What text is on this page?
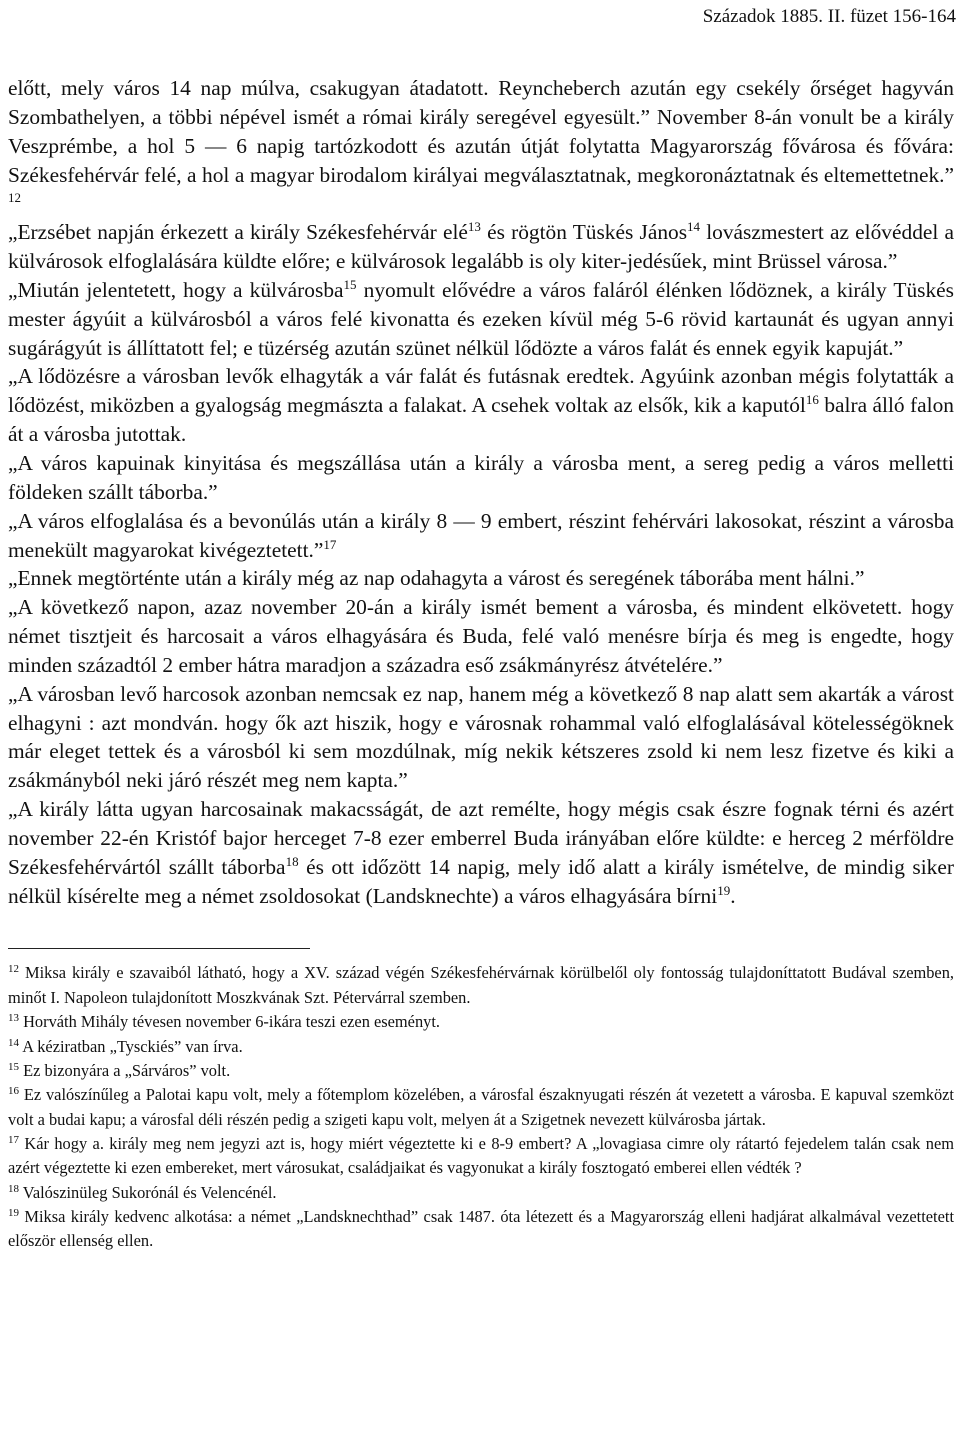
Századok 1885. II. füzet 156-164

előtt, mely város 14 nap múlva, csakugyan átadatott. Reyncheberch azután egy csekély őrséget hagyván Szombathelyen, a többi népével ismét a római király seregével egyesült.” November 8-án vonult be a király Veszprémbe, a hol 5 — 6 napig tartózkodott és azután útját folytatta Magyarország fővárosa és fővára: Székesfehérvár felé, a hol a magyar birodalom királyai megválasztatnak, megkoronáztatnak és eltemettetnek.” $^{12}$

„Erzsébet napján érkezett a király Székesfehérvár elé$^{13}$ és rögtön Tüskés János$^{14}$ lovászmestert az elővéddel a külvárosok elfoglalására küldte előre; e külvárosok legalább is oly kiter-jedésűek, mint Brüssel városa.”

„Miután jelentetett, hogy a külvárosba$^{15}$ nyomult elővédre a város faláról élénken lődöznek, a király Tüskés mester ágyúit a külvárosból a város felé kivonatta és ezeken kívül még 5-6 rövid kartaunát és ugyan annyi sugárágyút is állíttatott fel; e tüzérség azután szünet nélkül lődözte a város falát és ennek egyik kapuját.”

„A lődözésre a városban levők elhagyták a vár falát és futásnak eredtek. Agyúink azonban mégis folytatták a lődözést, miközben a gyalogság megmászta a falakat. A csehek voltak az elsők, kik a kaputól$^{16}$ balra álló falon át a városba jutottak.

„A város kapuinak kinyitása és megszállása után a király a városba ment, a sereg pedig a város melletti földeken szállt táborba.”

„A város elfoglalása és a bevonúlás után a király 8 — 9 embert, részint fehérvári lakosokat, részint a városba menekült magyarokat kivégeztetett.”$^{17}$

„Ennek megtörténte után a király még az nap odahagyta a várost és seregének táborába ment hálni.”

„A következő napon, azaz november 20-án a király ismét bement a városba, és mindent elkövetett. hogy német tisztjeit és harcosait a város elhagyására és Buda, felé való menésre bírja és meg is engedte, hogy minden századtól 2 ember hátra maradjon a századra eső zsákmányrész átvételére.”

„A városban levő harcosok azonban nemcsak ez nap, hanem még a következő 8 nap alatt sem akarták a várost elhagyni : azt mondván. hogy ők azt hiszik, hogy e városnak rohammal való elfoglalásával kötelességöknek már eleget tettek és a városból ki sem mozdúlnak, míg nekik kétszeres zsold ki nem lesz fizetve és kiki a zsákmányból neki járó részét meg nem kapta.”

„A király látta ugyan harcosainak makacsságát, de azt remélte, hogy mégis csak észre fognak térni és azért november 22-én Kristóf bajor herceget 7-8 ezer emberrel Buda irányában előre küldte: e herceg 2 mérföldre Székesfehérvártól szállt táborba$^{18}$ és ott időzött 14 napig, mely idő alatt a király ismételve, de mindig siker nélkül kísérelte meg a német zsoldosokat (Landsknechte) a város elhagyására bírni$^{19}$.

$^{12}$ Miksa király e szavaiból látható, hogy a XV. század végén Székesfehérvárnak körülbelől oly fontosság tulajdoníttatott Budával szemben, minőt I. Napoleon tulajdonított Moszkvának Szt. Pétervárral szemben.

$^{13}$ Horváth Mihály tévesen november 6-ikára teszi ezen eseményt.

$^{14}$ A kéziratban „Tysckiés” van írva.

$^{15}$ Ez bizonyára a „Sárváros” volt.

$^{16}$ Ez valószínűleg a Palotai kapu volt, mely a főtemplom közelében, a városfal északnyugati részén át vezetett a városba. E kapuval szemközt volt a budai kapu; a városfal déli részén pedig a szigeti kapu volt, melyen át a Szigetnek nevezett külvárosba jártak.

$^{17}$ Kár hogy a. király meg nem jegyzi azt is, hogy miért végeztette ki e 8-9 embert? A „lovagiasa cimre oly rátartó fejedelem talán csak nem azért végeztette ki ezen embereket, mert városukat, családjaikat és vagyonukat a király fosztogató emberei ellen védték ?

$^{18}$ Valószinüleg Sukorónál és Velencénél.

$^{19}$ Miksa király kedvenc alkotása: a német „Landsknechthad” csak 1487. óta létezett és a Magyarország elleni hadjárat alkalmával vezettetett először ellenség ellen.
